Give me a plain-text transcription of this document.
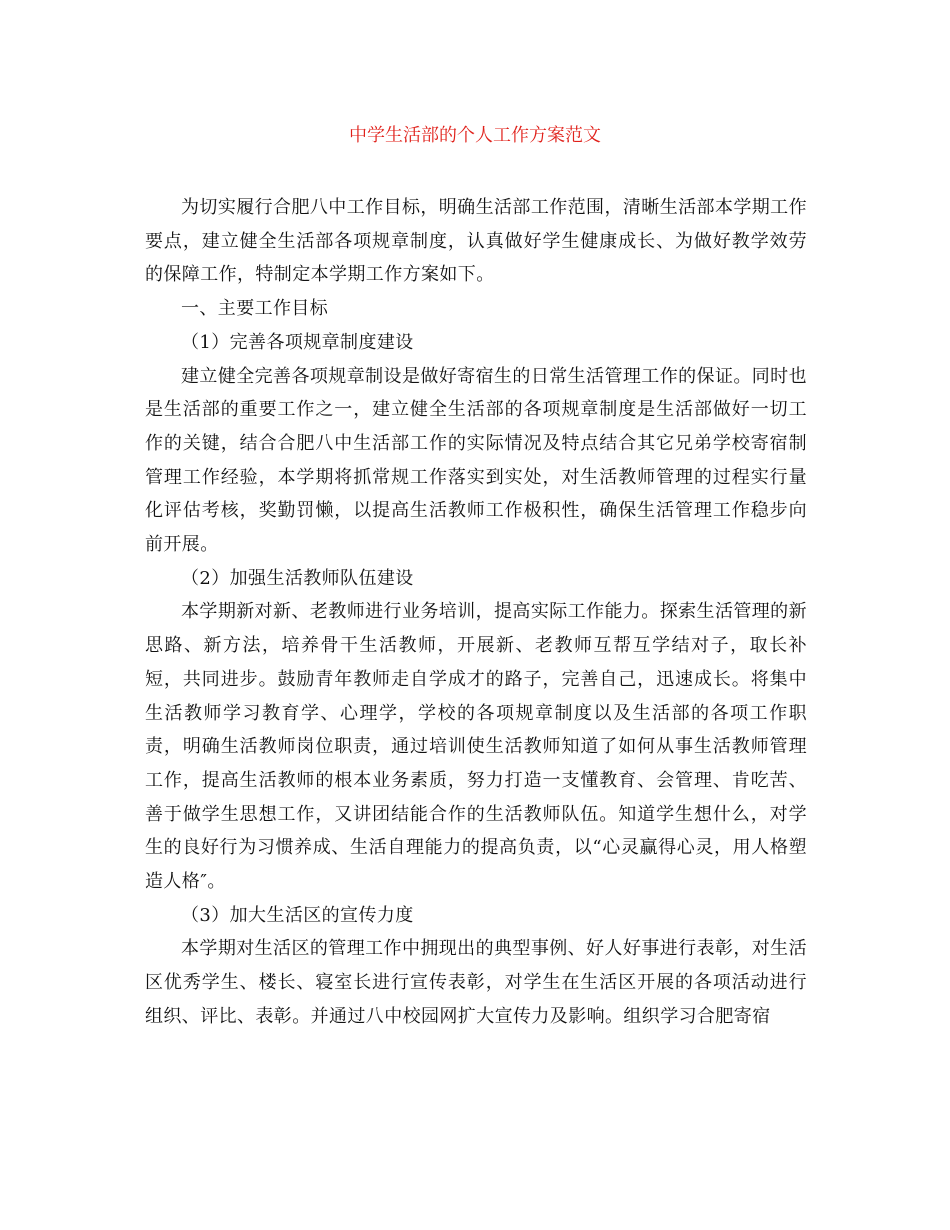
中学生活部的个人工作方案范文

为切实履行合肥八中工作目标，明确生活部工作范围，清晰生活部本学期工作要点，建立健全生活部各项规章制度，认真做好学生健康成长、为做好教学效劳的保障工作，特制定本学期工作方案如下。

一、主要工作目标

（1）完善各项规章制度建设

建立健全完善各项规章制设是做好寄宿生的日常生活管理工作的保证。同时也是生活部的重要工作之一，建立健全生活部的各项规章制度是生活部做好一切工作的关键，结合合肥八中生活部工作的实际情况及特点结合其它兄弟学校寄宿制管理工作经验，本学期将抓常规工作落实到实处，对生活教师管理的过程实行量化评估考核，奖勤罚懒，以提高生活教师工作极积性，确保生活管理工作稳步向前开展。

（2）加强生活教师队伍建设

本学期新对新、老教师进行业务培训，提高实际工作能力。探索生活管理的新思路、新方法，培养骨干生活教师，开展新、老教师互帮互学结对子，取长补短，共同进步。鼓励青年教师走自学成才的路子，完善自己，迅速成长。将集中生活教师学习教育学、心理学，学校的各项规章制度以及生活部的各项工作职责，明确生活教师岗位职责，通过培训使生活教师知道了如何从事生活教师管理工作，提高生活教师的根本业务素质，努力打造一支懂教育、会管理、肯吃苦、善于做学生思想工作，又讲团结能合作的生活教师队伍。知道学生想什么，对学生的良好行为习惯养成、生活自理能力的提高负责，以“心灵赢得心灵，用人格塑造人格″。

（3）加大生活区的宣传力度

本学期对生活区的管理工作中拥现出的典型事例、好人好事进行表彰，对生活区优秀学生、楼长、寝室长进行宣传表彰，对学生在生活区开展的各项活动进行组织、评比、表彰。并通过八中校园网扩大宣传力及影响。组织学习合肥寄宿
